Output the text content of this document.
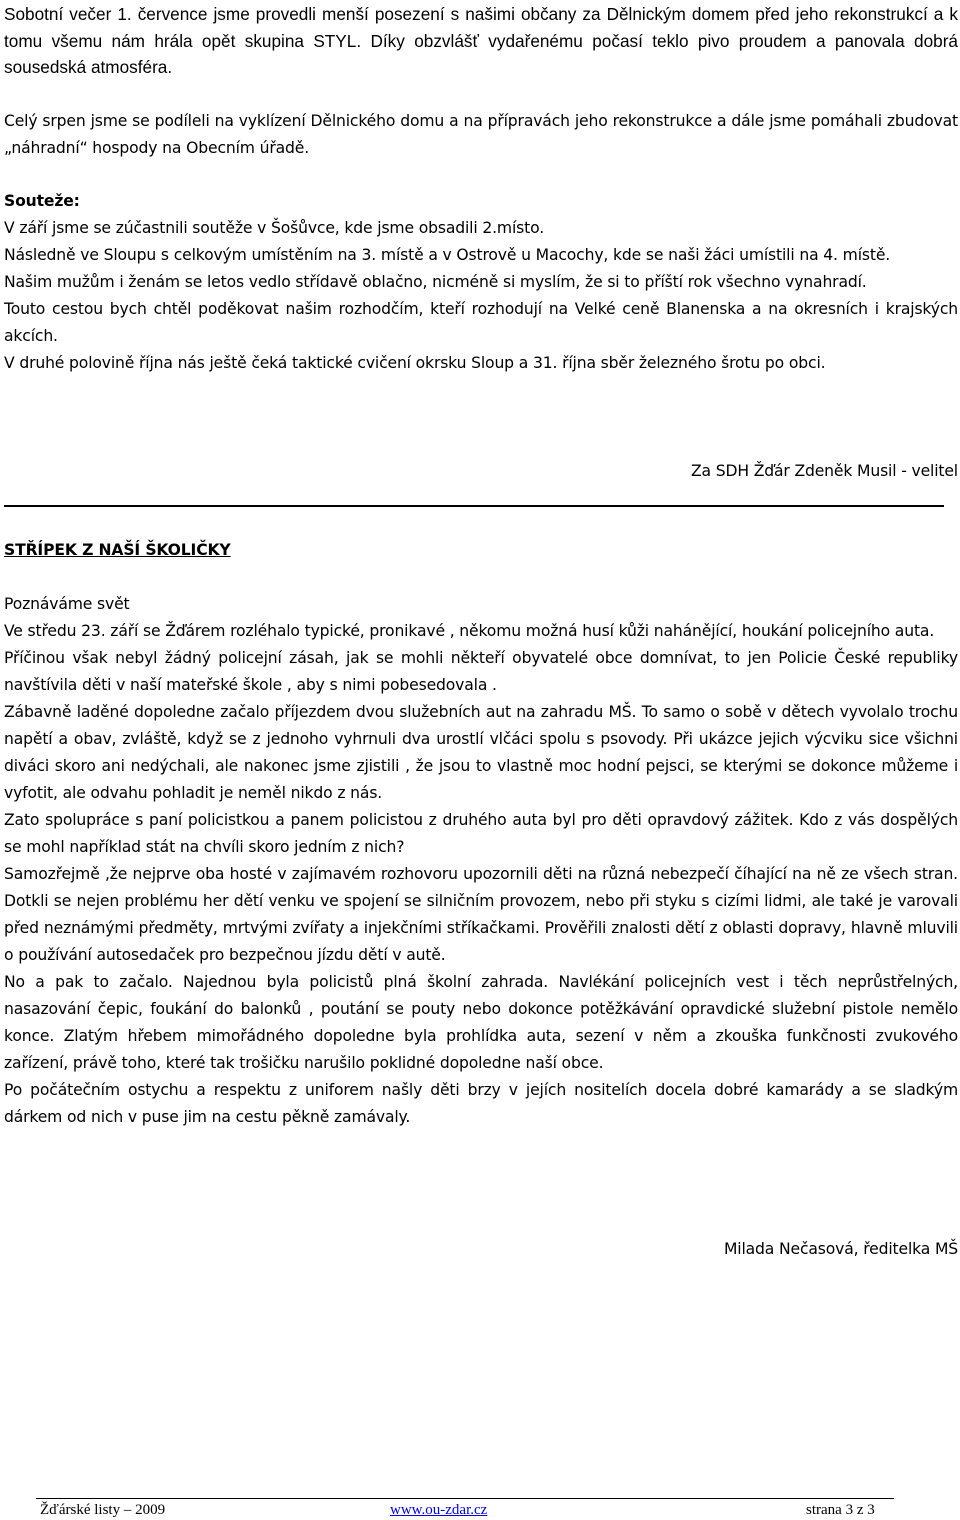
Sobotní večer 1. července jsme provedli menší posezení s našimi občany za Dělnickým domem před jeho rekonstrukcí a k tomu všemu nám hrála opět skupina STYL. Díky obzvlášť vydařenému počasí teklo pivo proudem a panovala dobrá sousedská atmosféra.

Celý srpen jsme se podíleli na vyklízení Dělnického domu a na přípravách jeho rekonstrukce a dále jsme pomáhali zbudovat „náhradní“ hospody na Obecním úřadě.

Souteže:

V září jsme se zúčastnili soutěže v Šošůvce, kde jsme obsadili 2.místo.

Následně ve Sloupu s celkovým umístěním na 3. místě a v Ostrově u Macochy, kde se naši žáci umístili na 4. místě.

Našim mužům i ženám se letos vedlo střídavě oblačno, nicméně si myslím, že si to příští rok všechno vynahradí.

Touto cestou bych chtěl poděkovat našim rozhodčím, kteří rozhodují na Velké ceně Blanenska a na okresních i krajských akcích.

V druhé polovině října nás ještě čeká taktické cvičení okrsku Sloup a 31. října sběr železného šrotu po obci.

Za SDH Žďár Zdeněk Musil - velitel

STŘÍPEK Z NAŠÍ ŠKOLIČKY

Poznáváme svět

Ve středu 23. září se Žďárem rozléhalo typické, pronikavé , někomu možná husí kůži nahánějící, houkání policejního auta.

Příčinou však nebyl žádný policejní zásah, jak se mohli někteří obyvatelé obce domnívat, to jen Policie České republiky navštívila děti v naší mateřské škole , aby s nimi pobesedovala .

Zábavně laděné dopoledne začalo příjezdem dvou služebních aut na zahradu MŠ. To samo o sobě v dětech vyvolalo trochu napětí a obav, zvláště, když se z jednoho vyhrnuli dva urostlí vlčáci spolu s psovody. Při ukázce jejich výcviku sice všichni diváci skoro ani nedýchali, ale nakonec jsme zjistili , že jsou to vlastně moc hodní pejsci, se kterými se dokonce můžeme i vyfotit, ale odvahu pohladit je neměl nikdo z nás.

Zato spolupráce s paní policistkou a panem policistou z druhého auta byl pro děti opravdový zážitek. Kdo z vás dospělých se mohl například stát na chvíli skoro jedním z nich?

Samozřejmě ,že nejprve oba hosté v zajímavém rozhovoru upozornili děti na různá nebezpečí číhající na ně ze všech stran. Dotkli se nejen problému her dětí venku ve spojení se silničním provozem, nebo při styku s cizími lidmi, ale také je varovali před neznámými předměty, mrtvými zvířaty a injekčními stříkačkami. Prověřili znalosti dětí z oblasti dopravy, hlavně mluvili o používání autosedaček pro bezpečnou jízdu dětí v autě.

No a pak to začalo. Najednou byla policistů plná školní zahrada. Navlékání policejních vest i těch neprůstřelných, nasazování čepic, foukání do balonků , poutání se pouty nebo dokonce potěžkávání opravdické služební pistole nemělo konce. Zlatým hřebem mimořádného dopoledne byla prohlídka auta, sezení v něm a zkouška funkčnosti zvukového zařízení, právě toho, které tak trošičku narušilo poklidné dopoledne naší obce.

Po počátečním ostychu a respektu z uniforem našly děti brzy v jejích nositelích docela dobré kamarády a se sladkým dárkem od nich v puse jim na cestu pěkně zamávaly.

Milada Nečasová, ředitelka MŠ

Žďárské listy – 2009	www.ou-zdar.cz	strana 3 z 3
